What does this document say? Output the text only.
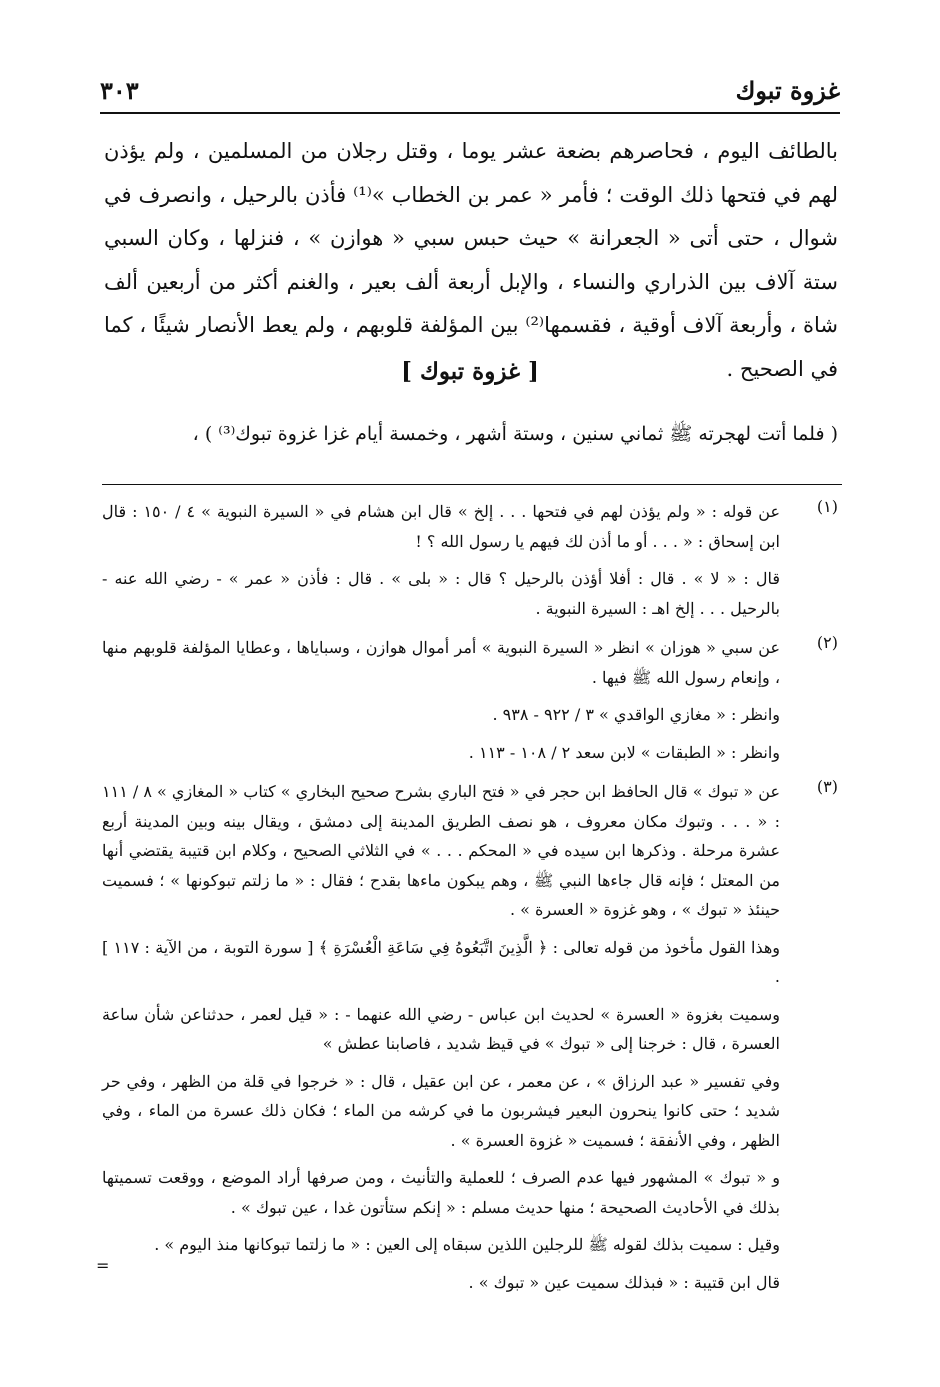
غزوة تبوك
٣٠٣

بالطائف اليوم ، فحاصرهم بضعة عشر يوما ، وقتل رجلان من المسلمين ، ولم يؤذن لهم في فتحها ذلك الوقت ؛ فأمر « عمر بن الخطاب »⁽¹⁾ فأذن بالرحيل ، وانصرف في شوال ، حتى أتى « الجعرانة » حيث حبس سبي « هوازن » ، فنزلها ، وكان السبي ستة آلاف بين الذراري والنساء ، والإبل أربعة ألف بعير ، والغنم أكثر من أربعين ألف شاة ، وأربعة آلاف أوقية ، فقسمها⁽²⁾ بين المؤلفة قلوبهم ، ولم يعط الأنصار شيئًا ، كما في الصحيح .

[ غزوة تبوك ]
( فلما أتت لهجرته ﷺ ثماني سنين ، وستة أشهر ، وخمسة أيام غزا غزوة تبوك⁽³⁾ ) ،
(١)

عن قوله : « ولم يؤذن لهم في فتحها . . . إلخ » قال ابن هشام في « السيرة النبوية » ٤ / ١٥٠ : قال ابن إسحاق : « . . . أو ما أذن لك فيهم يا رسول الله ؟ !

قال : « لا » . قال : أفلا أؤذن بالرحيل ؟ قال : « بلى » . قال : فأذن « عمر » - رضي الله عنه - بالرحيل . . . إلخ اهـ : السيرة النبوية .

(٢)

عن سبي « هوزان » انظر « السيرة النبوية » أمر أموال هوازن ، وسباياها ، وعطايا المؤلفة قلوبهم منها ، وإنعام رسول الله ﷺ فيها .

وانظر : « مغازي الواقدي » ٣ / ٩٢٢ - ٩٣٨ .

وانظر : « الطبقات » لابن سعد ٢ / ١٠٨ - ١١٣ .

(٣)

عن « تبوك » قال الحافظ ابن حجر في « فتح الباري بشرح صحيح البخاري » كتاب « المغازي » ٨ / ١١١ : « . . . وتبوك مكان معروف ، هو نصف الطريق المدينة إلى دمشق ، ويقال بينه وبين المدينة أربع عشرة مرحلة . وذكرها ابن سيده في « المحكم . . . » في الثلاثي الصحيح ، وكلام ابن قتيبة يقتضي أنها من المعتل ؛ فإنه قال جاءها النبي ﷺ ، وهم يبكون ماءها بقدح ؛ فقال : « ما زلتم تبوكونها » ؛ فسميت حينئذ « تبوك » ، وهو غزوة « العسرة » .

وهذا القول مأخوذ من قوله تعالى : ﴿ الَّذِينَ اتَّبَعُوهُ فِي سَاعَةِ الْعُسْرَةِ ﴾ [ سورة التوبة ، من الآية : ١١٧ ] .

وسميت بغزوة « العسرة » لحديث ابن عباس - رضي الله عنهما - : « قيل لعمر ، حدثناعن شأن ساعة العسرة ، قال : خرجنا إلى « تبوك » في قيظ شديد ، فاصابنا عطش »

وفي تفسير « عبد الرزاق » ، عن معمر ، عن ابن عقيل ، قال : « خرجوا في قلة من الظهر ، وفي حر شديد ؛ حتى كانوا ينحرون البعير فيشربون ما في كرشه من الماء ؛ فكان ذلك عسرة من الماء ، وفي الظهر ، وفي الأنفقة ؛ فسميت « غزوة العسرة » .

و « تبوك » المشهور فيها عدم الصرف ؛ للعملية والتأنيث ، ومن صرفها أراد الموضع ، ووقعت تسميتها بذلك في الأحاديث الصحيحة ؛ منها حديث مسلم : « إنكم ستأتون غدا ، عين تبوك » .

وقيل : سميت بذلك لقوله ﷺ للرجلين اللذين سبقاه إلى العين : « ما زلتما تبوكانها منذ اليوم » .

قال ابن قتيبة : « فبذلك سميت عين « تبوك » .

=
